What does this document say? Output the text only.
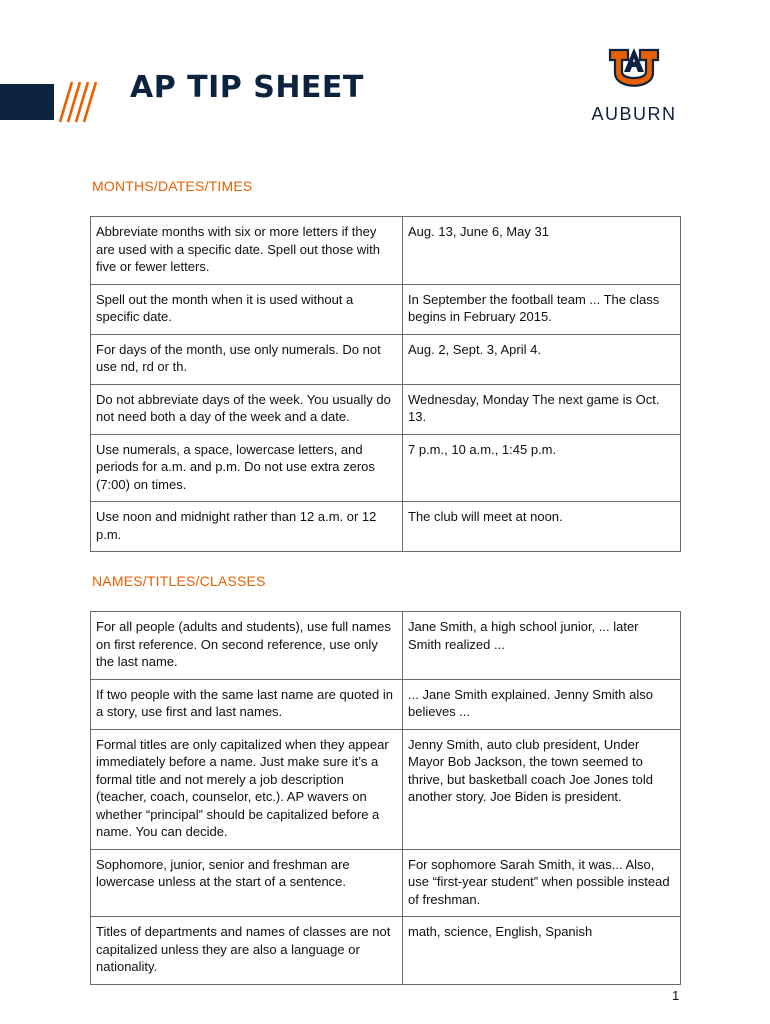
AP TIP SHEET
AUBURN
MONTHS/DATES/TIMES
Abbreviate months with six or more letters if they are used with a specific date. Spell out those with five or fewer letters.	Aug. 13, June 6, May 31
Spell out the month when it is used without a specific date.	In September the football team ... The class begins in February 2015.
For days of the month, use only numerals. Do not use nd, rd or th.	Aug. 2, Sept. 3, April 4.
Do not abbreviate days of the week. You usually do not need both a day of the week and a date.	Wednesday, Monday The next game is Oct. 13.
Use numerals, a space, lowercase letters, and periods for a.m. and p.m. Do not use extra zeros (7:00) on times.	7 p.m., 10 a.m., 1:45 p.m.
Use noon and midnight rather than 12 a.m. or 12 p.m.	The club will meet at noon.
NAMES/TITLES/CLASSES
For all people (adults and students), use full names on first reference. On second reference, use only the last name.	Jane Smith, a high school junior, ... later Smith realized ...
If two people with the same last name are quoted in a story, use first and last names.	... Jane Smith explained. Jenny Smith also believes ...
Formal titles are only capitalized when they appear immediately before a name. Just make sure it’s a formal title and not merely a job description (teacher, coach, counselor, etc.). AP wavers on whether “principal” should be capitalized before a name. You can decide.	Jenny Smith, auto club president, Under Mayor Bob Jackson, the town seemed to thrive, but basketball coach Joe Jones told another story. Joe Biden is president.
Sophomore, junior, senior and freshman are lowercase unless at the start of a sentence.	For sophomore Sarah Smith, it was... Also, use “first-year student” when possible instead of freshman.
Titles of departments and names of classes are not capitalized unless they are also a language or nationality.	math, science, English, Spanish
1
